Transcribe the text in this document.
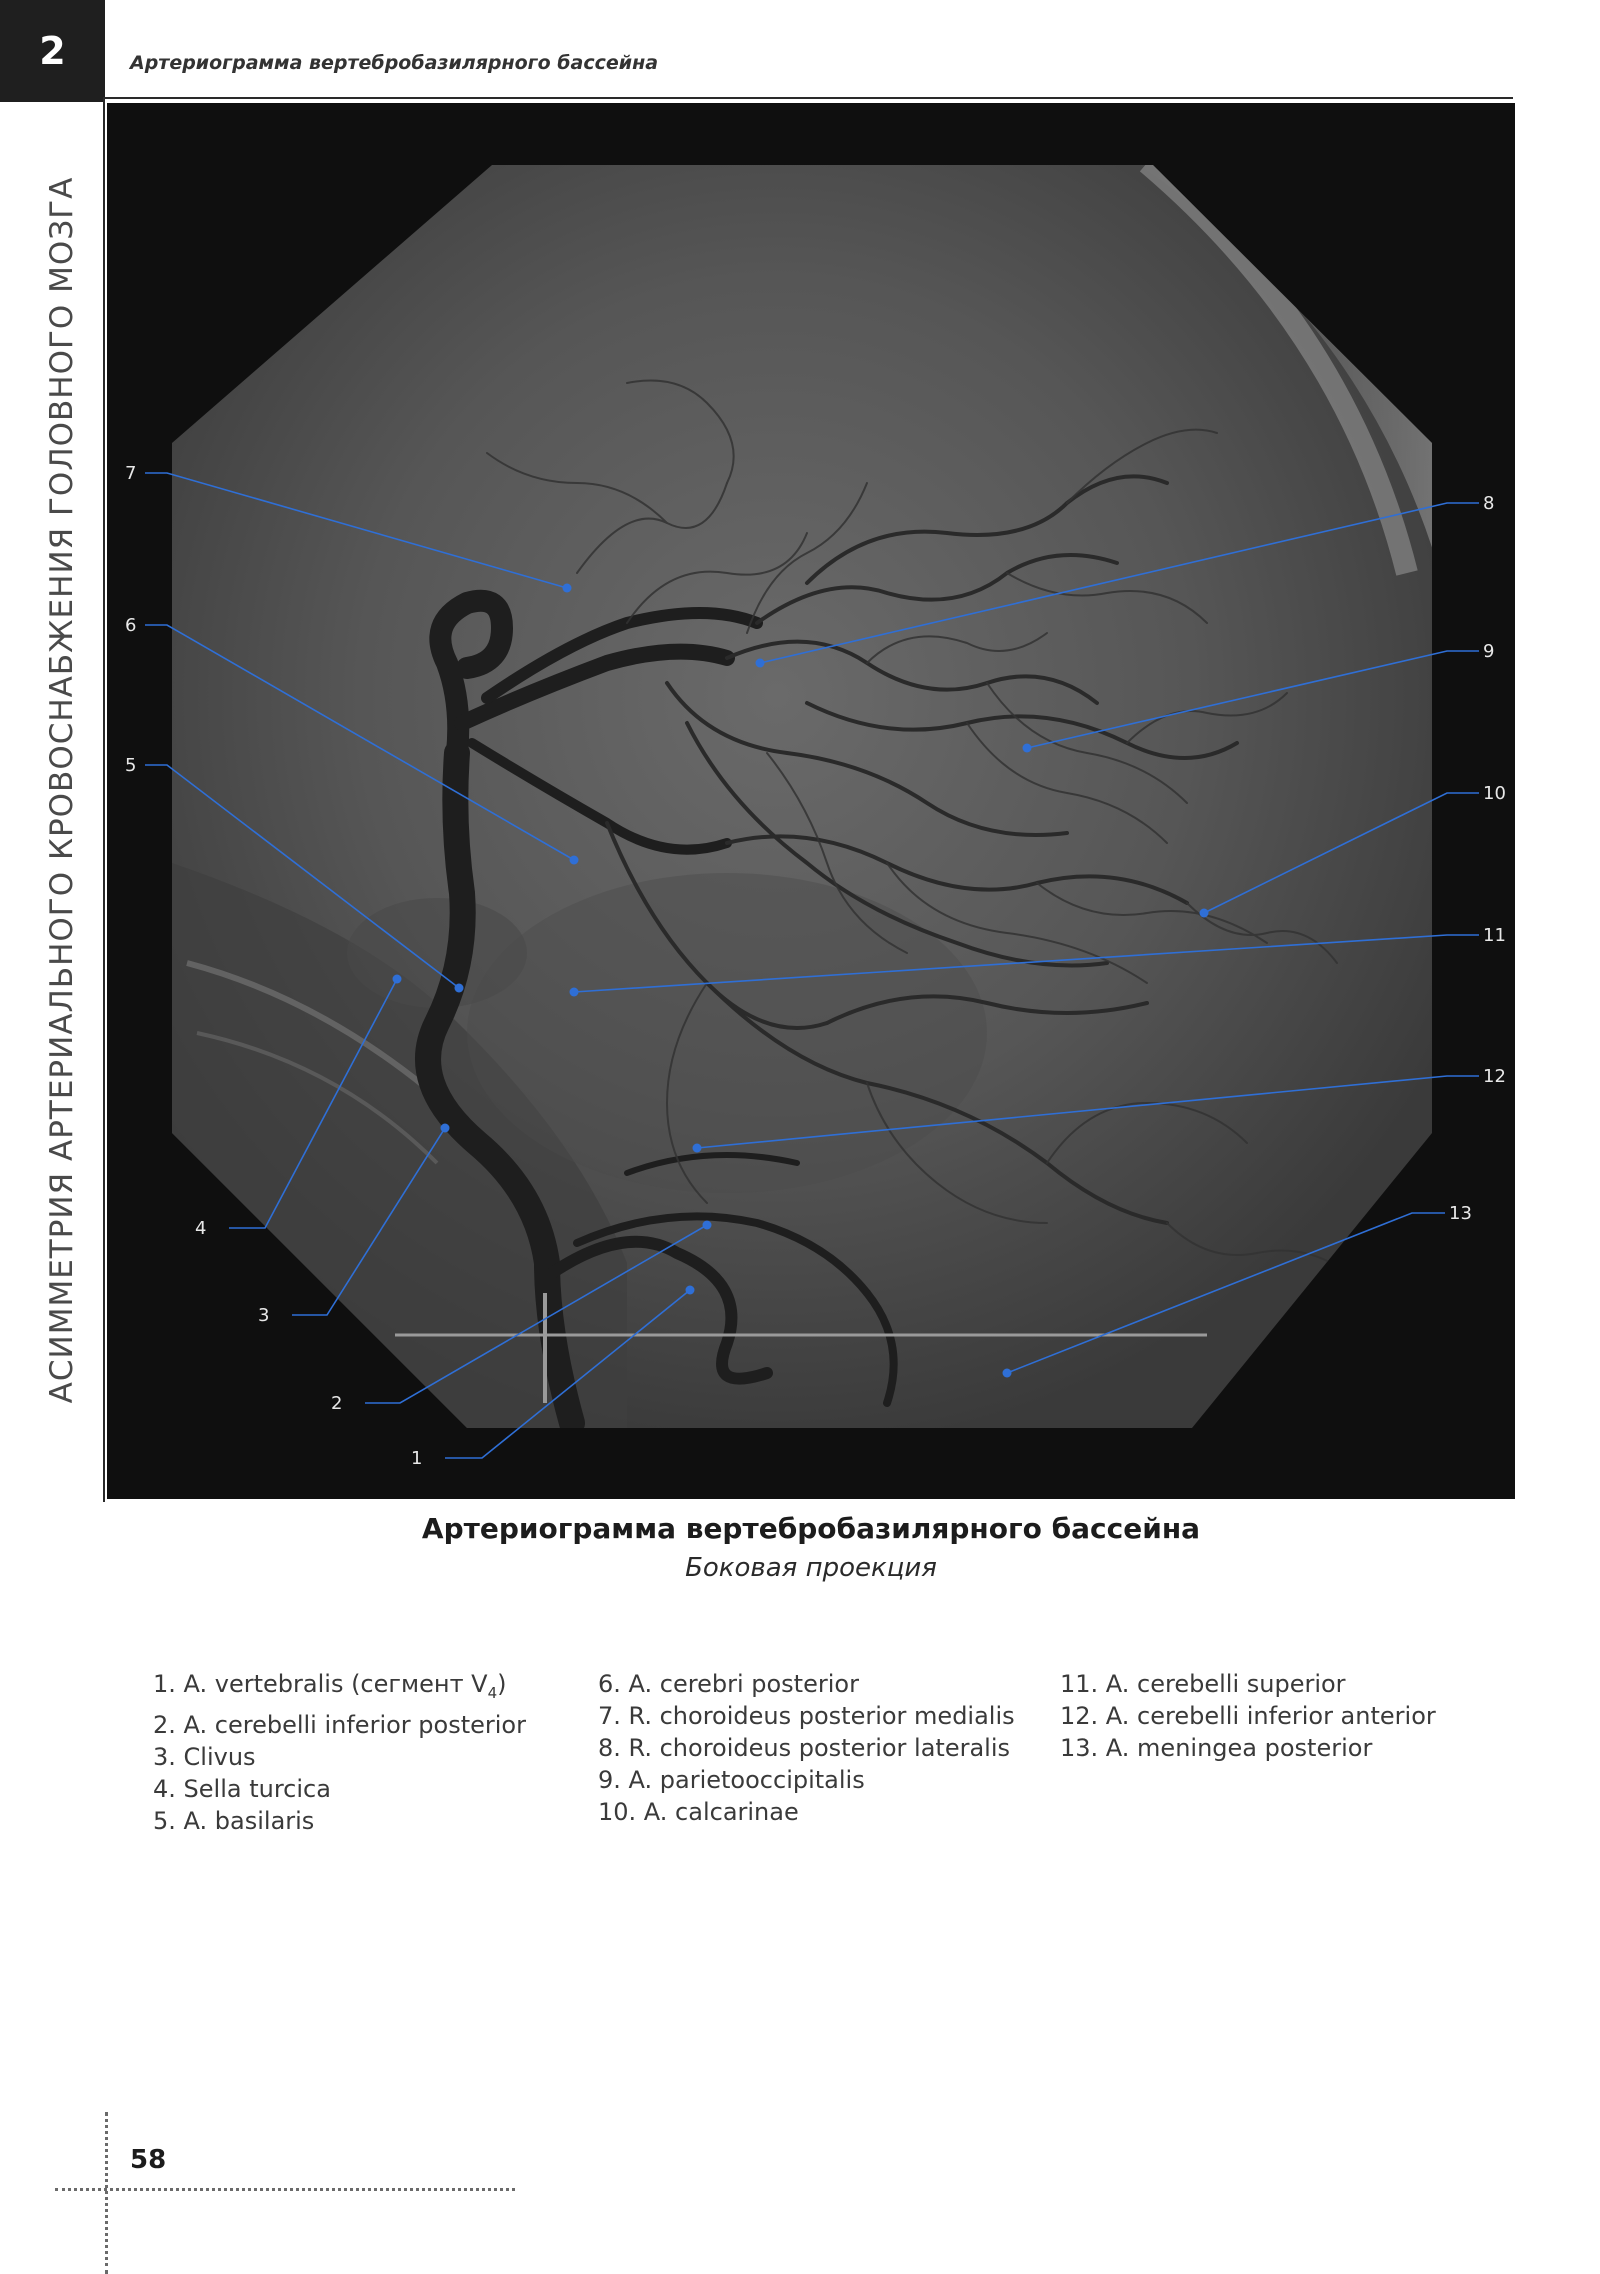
2	Артериограмма вертебробазилярного бассейна
АСИММЕТРИЯ АРТЕРИАЛЬНОГО КРОВОСНАБЖЕНИЯ ГОЛОВНОГО МОЗГА
1
2
3
4
5
6
7
8
9
10
11
12
13
Артериограмма вертебробазилярного бассейна
Боковая проекция
1. A. vertebralis (сегмент $V_4$)
2. A. cerebelli inferior posterior
3. Clivus
4. Sella turcica
5. A. basilaris
6. A. cerebri posterior
7. R. choroideus posterior medialis
8. R. choroideus posterior lateralis
9. A. parietooccipitalis
10. A. calcarinae
11. A. cerebelli superior
12. A. cerebelli inferior anterior
13. A. meningea posterior
58
